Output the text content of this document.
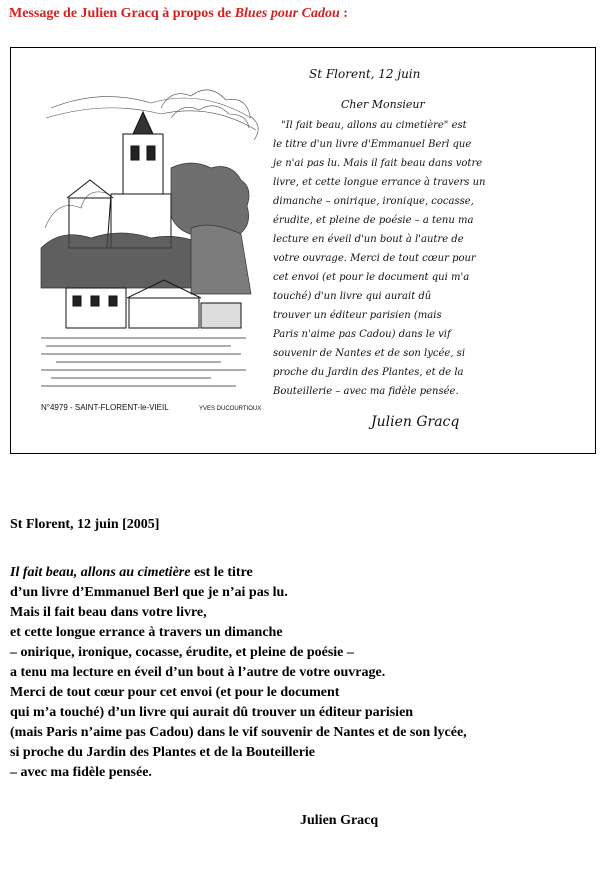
Message de Julien Gracq à propos de Blues pour Cadou :
N°4979 - SAINT-FLORENT-le-VIEIL	YVES DUCOURTIOUX
St Florent, 12 juin
Cher Monsieur
"Il fait beau, allons au cimetière" est
le titre d'un livre d'Emmanuel Berl que
je n'ai pas lu. Mais il fait beau dans votre
livre, et cette longue errance à travers un
dimanche – onirique, ironique, cocasse,
érudite, et pleine de poésie – a tenu ma
lecture en éveil d'un bout à l'autre de
votre ouvrage. Merci de tout cœur pour
cet envoi (et pour le document qui m'a
touché) d'un livre qui aurait dû
trouver un éditeur parisien (mais
Paris n'aime pas Cadou) dans le vif
souvenir de Nantes et de son lycée, si
proche du Jardin des Plantes, et de la
Bouteillerie – avec ma fidèle pensée.
Julien Gracq
St Florent, 12 juin [2005]
Il fait beau, allons au cimetière est le titre
d’un livre d’Emmanuel Berl que je n’ai pas lu.
Mais il fait beau dans votre livre,
et cette longue errance à travers un dimanche
– onirique, ironique, cocasse, érudite, et pleine de poésie –
a tenu ma lecture en éveil d’un bout à l’autre de votre ouvrage.
Merci de tout cœur pour cet envoi (et pour le document
qui m’a touché) d’un livre qui aurait dû trouver un éditeur parisien
(mais Paris n’aime pas Cadou) dans le vif souvenir de Nantes et de son lycée,
si proche du Jardin des Plantes et de la Bouteillerie
– avec ma fidèle pensée.
Julien Gracq
